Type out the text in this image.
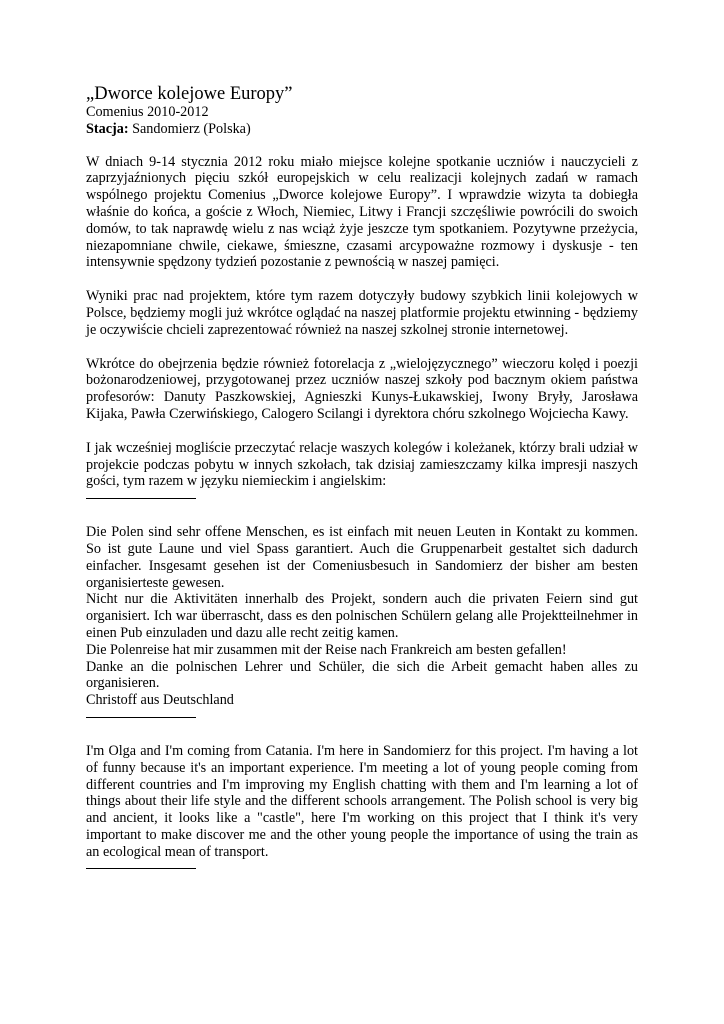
„Dworce kolejowe Europy”

Comenius 2010-2012

Stacja: Sandomierz (Polska)

W dniach 9-14 stycznia 2012 roku miało miejsce kolejne spotkanie uczniów i nauczycieli z zaprzyjaźnionych pięciu szkół europejskich w celu realizacji kolejnych zadań w ramach wspólnego projektu Comenius „Dworce kolejowe Europy”. I wprawdzie wizyta ta dobiegła właśnie do końca, a goście z Włoch, Niemiec, Litwy i Francji szczęśliwie powrócili do swoich domów, to tak naprawdę wielu z nas wciąż żyje jeszcze tym spotkaniem. Pozytywne przeżycia, niezapomniane chwile, ciekawe, śmieszne, czasami arcypoważne rozmowy i dyskusje - ten intensywnie spędzony tydzień pozostanie z pewnością w naszej pamięci.

Wyniki prac nad projektem, które tym razem dotyczyły budowy szybkich linii kolejowych w Polsce, będziemy mogli już wkrótce oglądać na naszej platformie projektu etwinning - będziemy je oczywiście chcieli zaprezentować również na naszej szkolnej stronie internetowej.

Wkrótce do obejrzenia będzie również fotorelacja z „wielojęzycznego” wieczoru kolęd i poezji bożonarodzeniowej, przygotowanej przez uczniów naszej szkoły pod bacznym okiem państwa profesorów: Danuty Paszkowskiej, Agnieszki Kunys-Łukawskiej, Iwony Bryły, Jarosława Kijaka, Pawła Czerwińskiego, Calogero Scilangi i dyrektora chóru szkolnego Wojciecha Kawy.

I jak wcześniej mogliście przeczytać relacje waszych kolegów i koleżanek, którzy brali udział w projekcie podczas pobytu w innych szkołach, tak dzisiaj zamieszczamy kilka impresji naszych gości, tym razem w języku niemieckim i angielskim:

Die Polen sind sehr offene Menschen, es ist einfach mit neuen Leuten in Kontakt zu kommen. So ist gute Laune und viel Spass garantiert. Auch die Gruppenarbeit gestaltet sich dadurch einfacher. Insgesamt gesehen ist der Comeniusbesuch in Sandomierz der bisher am besten organisierteste gewesen.

Nicht nur die Aktivitäten innerhalb des Projekt, sondern auch die privaten Feiern sind gut organisiert. Ich war überrascht, dass es den polnischen Schülern gelang alle Projektteilnehmer in einen Pub einzuladen und dazu alle recht zeitig kamen.

Die Polenreise hat mir zusammen mit der Reise nach Frankreich am besten gefallen!

Danke an die polnischen Lehrer und Schüler, die sich die Arbeit gemacht haben alles zu organisieren.

Christoff aus Deutschland

I'm Olga and I'm coming from Catania. I'm here in Sandomierz for this project. I'm having a lot of funny because it's an important experience. I'm meeting a lot of young people coming from different countries and I'm improving my English chatting with them and I'm learning a lot of things about their life style and the different schools arrangement. The Polish school is very big and ancient, it looks like a "castle", here I'm working on this project that I think it's very important to make discover me and the other young people the importance of using the train as an ecological mean of transport.
